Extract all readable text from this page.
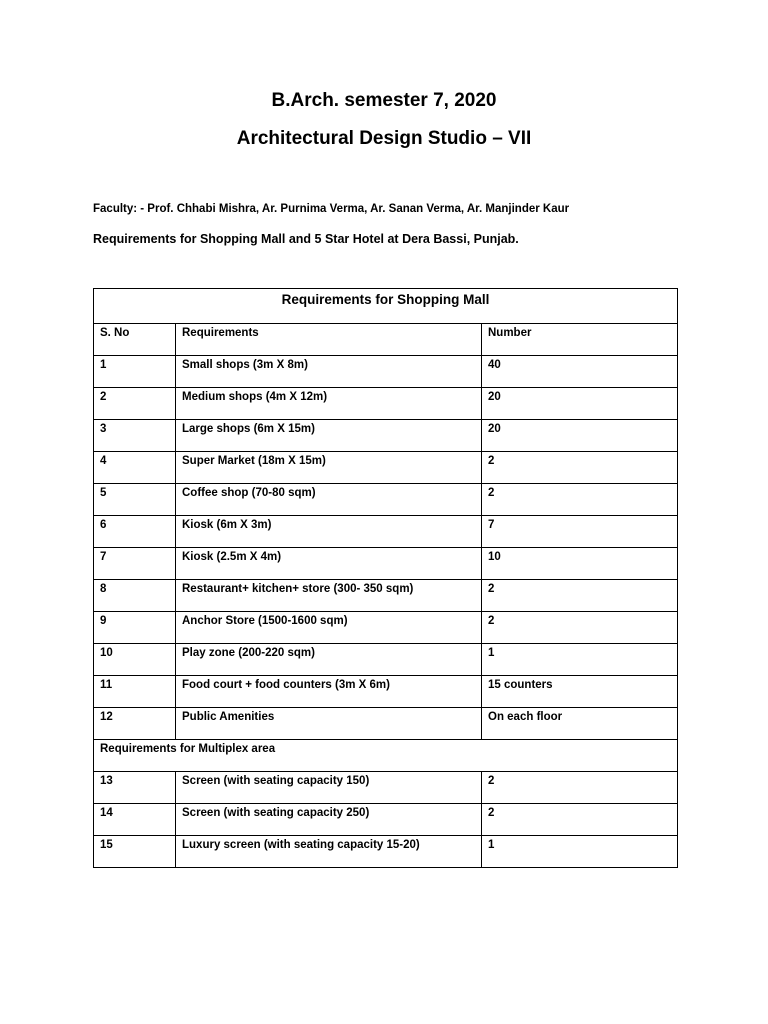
B.Arch. semester 7, 2020
Architectural Design Studio – VII
Faculty: - Prof. Chhabi Mishra, Ar. Purnima Verma, Ar. Sanan Verma, Ar. Manjinder Kaur
Requirements for Shopping Mall and 5 Star Hotel at Dera Bassi, Punjab.
Requirements for Shopping Mall		
S. No	Requirements	Number
1	Small shops (3m X 8m)	40
2	Medium shops (4m X 12m)	20
3	Large shops (6m X 15m)	20
4	Super Market (18m X 15m)	2
5	Coffee shop (70-80 sqm)	2
6	Kiosk (6m X 3m)	7
7	Kiosk (2.5m X 4m)	10
8	Restaurant+ kitchen+ store (300- 350 sqm)	2
9	Anchor Store (1500-1600 sqm)	2
10	Play zone (200-220 sqm)	1
11	Food court + food counters (3m X 6m)	15 counters
12	Public Amenities	On each floor
Requirements for Multiplex area		
13	Screen (with seating capacity 150)	2
14	Screen (with seating capacity 250)	2
15	Luxury screen (with seating capacity 15-20)	1
